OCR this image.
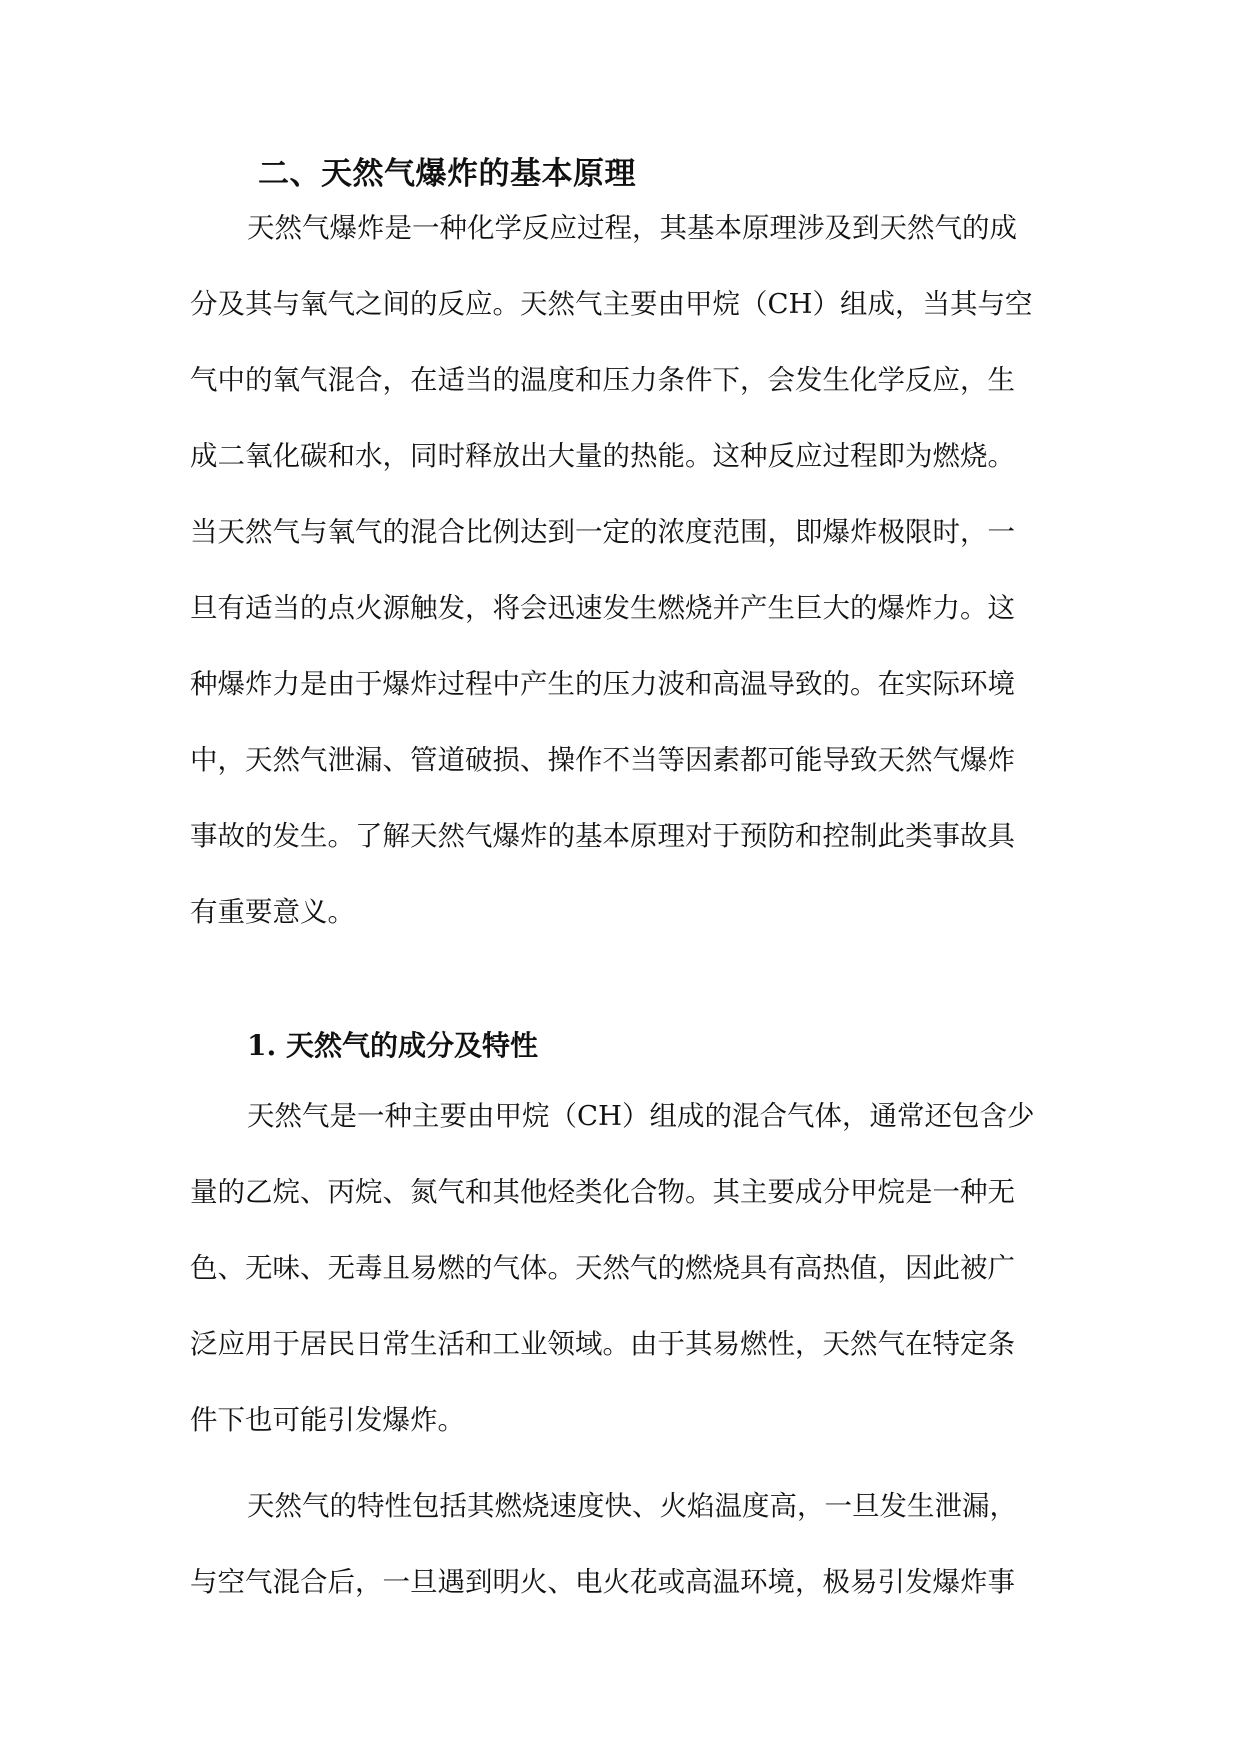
二、天然气爆炸的基本原理
天然气爆炸是一种化学反应过程，其基本原理涉及到天然气的成
分及其与氧气之间的反应。天然气主要由甲烷（CH）组成，当其与空
气中的氧气混合，在适当的温度和压力条件下，会发生化学反应，生
成二氧化碳和水，同时释放出大量的热能。这种反应过程即为燃烧。
当天然气与氧气的混合比例达到一定的浓度范围，即爆炸极限时，一
旦有适当的点火源触发，将会迅速发生燃烧并产生巨大的爆炸力。这
种爆炸力是由于爆炸过程中产生的压力波和高温导致的。在实际环境
中，天然气泄漏、管道破损、操作不当等因素都可能导致天然气爆炸
事故的发生。了解天然气爆炸的基本原理对于预防和控制此类事故具
有重要意义。
1. 天然气的成分及特性
天然气是一种主要由甲烷（CH）组成的混合气体，通常还包含少
量的乙烷、丙烷、氮气和其他烃类化合物。其主要成分甲烷是一种无
色、无味、无毒且易燃的气体。天然气的燃烧具有高热值，因此被广
泛应用于居民日常生活和工业领域。由于其易燃性，天然气在特定条
件下也可能引发爆炸。
天然气的特性包括其燃烧速度快、火焰温度高，一旦发生泄漏，
与空气混合后，一旦遇到明火、电火花或高温环境，极易引发爆炸事
